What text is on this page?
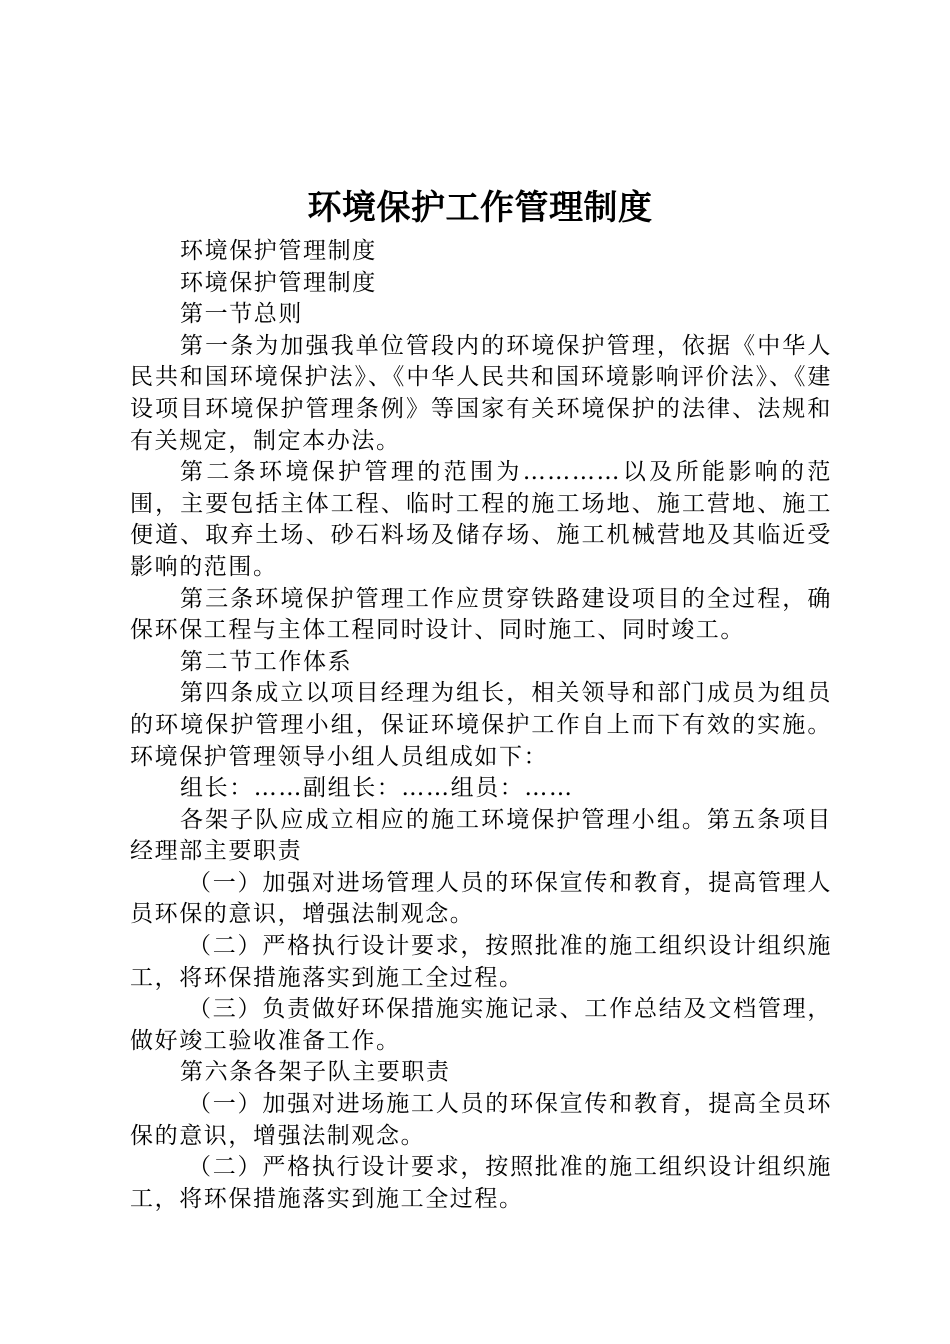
环境保护工作管理制度

环境保护管理制度

环境保护管理制度

第一节总则

第一条为加强我单位管段内的环境保护管理，依据《中华人民共和国环境保护法》、《中华人民共和国环境影响评价法》、《建设项目环境保护管理条例》等国家有关环境保护的法律、法规和有关规定，制定本办法。

第二条环境保护管理的范围为…………以及所能影响的范围，主要包括主体工程、临时工程的施工场地、施工营地、施工便道、取弃土场、砂石料场及储存场、施工机械营地及其临近受影响的范围。

第三条环境保护管理工作应贯穿铁路建设项目的全过程，确保环保工程与主体工程同时设计、同时施工、同时竣工。

第二节工作体系

第四条成立以项目经理为组长，相关领导和部门成员为组员的环境保护管理小组，保证环境保护工作自上而下有效的实施。环境保护管理领导小组人员组成如下：

组长：……副组长：……组员：……

各架子队应成立相应的施工环境保护管理小组。第五条项目经理部主要职责

（一）加强对进场管理人员的环保宣传和教育，提高管理人员环保的意识，增强法制观念。

（二）严格执行设计要求，按照批准的施工组织设计组织施工，将环保措施落实到施工全过程。

（三）负责做好环保措施实施记录、工作总结及文档管理，做好竣工验收准备工作。

第六条各架子队主要职责

（一）加强对进场施工人员的环保宣传和教育，提高全员环保的意识，增强法制观念。

（二）严格执行设计要求，按照批准的施工组织设计组织施工，将环保措施落实到施工全过程。
